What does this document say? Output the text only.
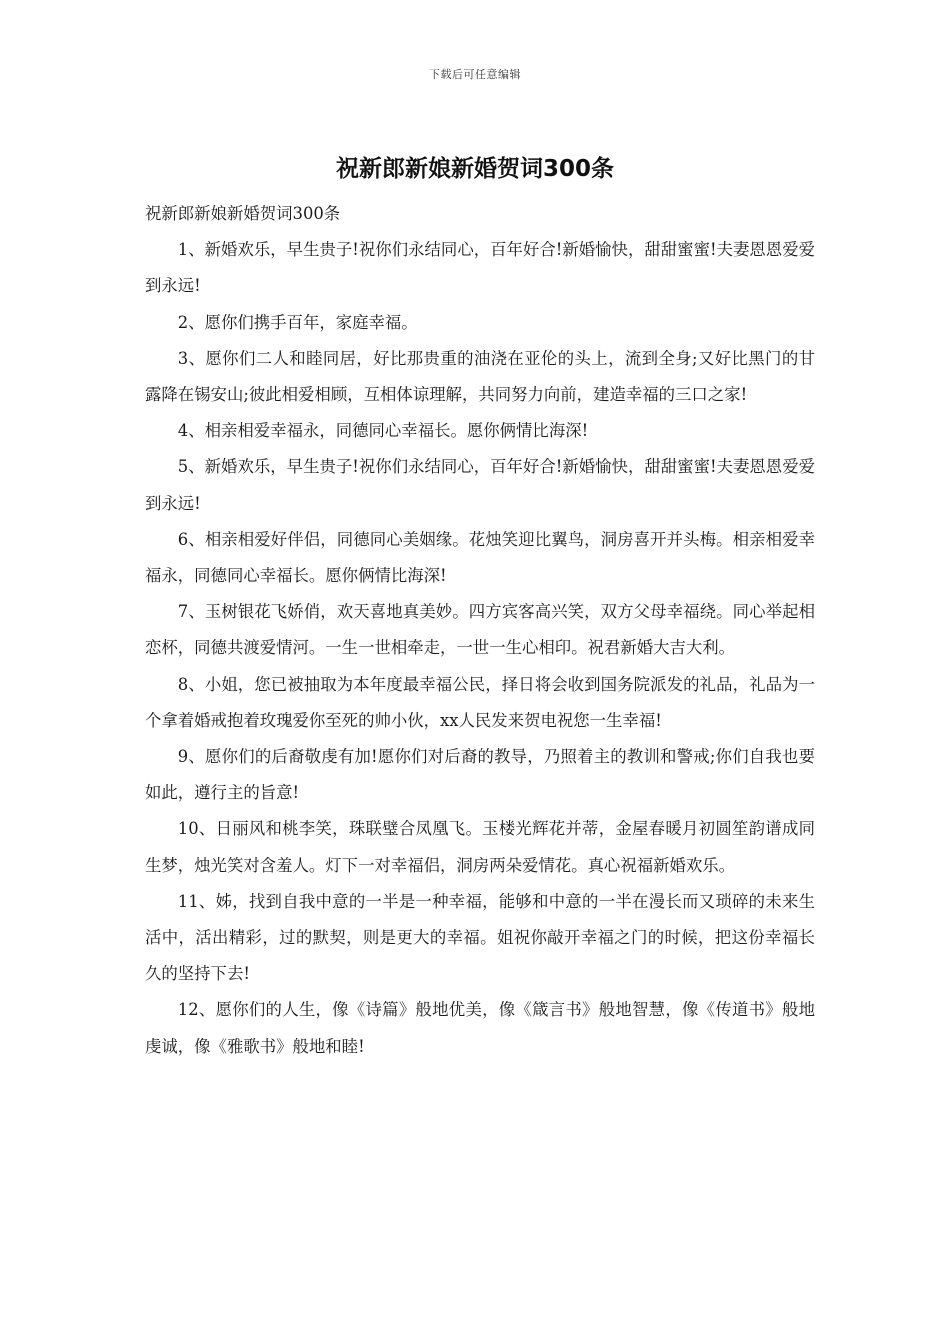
下载后可任意编辑
祝新郎新娘新婚贺词300条

祝新郎新娘新婚贺词300条

1、新婚欢乐，早生贵子!祝你们永结同心，百年好合!新婚愉快，甜甜蜜蜜!夫妻恩恩爱爱到永远!

2、愿你们携手百年，家庭幸福。

3、愿你们二人和睦同居，好比那贵重的油浇在亚伦的头上，流到全身;又好比黑门的甘露降在锡安山;彼此相爱相顾，互相体谅理解，共同努力向前，建造幸福的三口之家!

4、相亲相爱幸福永，同德同心幸福长。愿你俩情比海深!

5、新婚欢乐，早生贵子!祝你们永结同心，百年好合!新婚愉快，甜甜蜜蜜!夫妻恩恩爱爱到永远!

6、相亲相爱好伴侣，同德同心美姻缘。花烛笑迎比翼鸟，洞房喜开并头梅。相亲相爱幸福永，同德同心幸福长。愿你俩情比海深!

7、玉树银花飞娇俏，欢天喜地真美妙。四方宾客高兴笑，双方父母幸福绕。同心举起相恋杯，同德共渡爱情河。一生一世相牵走，一世一生心相印。祝君新婚大吉大利。

8、小姐，您已被抽取为本年度最幸福公民，择日将会收到国务院派发的礼品，礼品为一个拿着婚戒抱着玫瑰爱你至死的帅小伙，xx人民发来贺电祝您一生幸福!

9、愿你们的后裔敬虔有加!愿你们对后裔的教导，乃照着主的教训和警戒;你们自我也要如此，遵行主的旨意!

10、日丽风和桃李笑，珠联璧合凤凰飞。玉楼光辉花并蒂，金屋春暖月初圆笙韵谱成同生梦，烛光笑对含羞人。灯下一对幸福侣，洞房两朵爱情花。真心祝福新婚欢乐。

11、姊，找到自我中意的一半是一种幸福，能够和中意的一半在漫长而又琐碎的未来生活中，活出精彩，过的默契，则是更大的幸福。姐祝你敲开幸福之门的时候，把这份幸福长久的坚持下去!

12、愿你们的人生，像《诗篇》般地优美，像《箴言书》般地智慧，像《传道书》般地虔诚，像《雅歌书》般地和睦!
